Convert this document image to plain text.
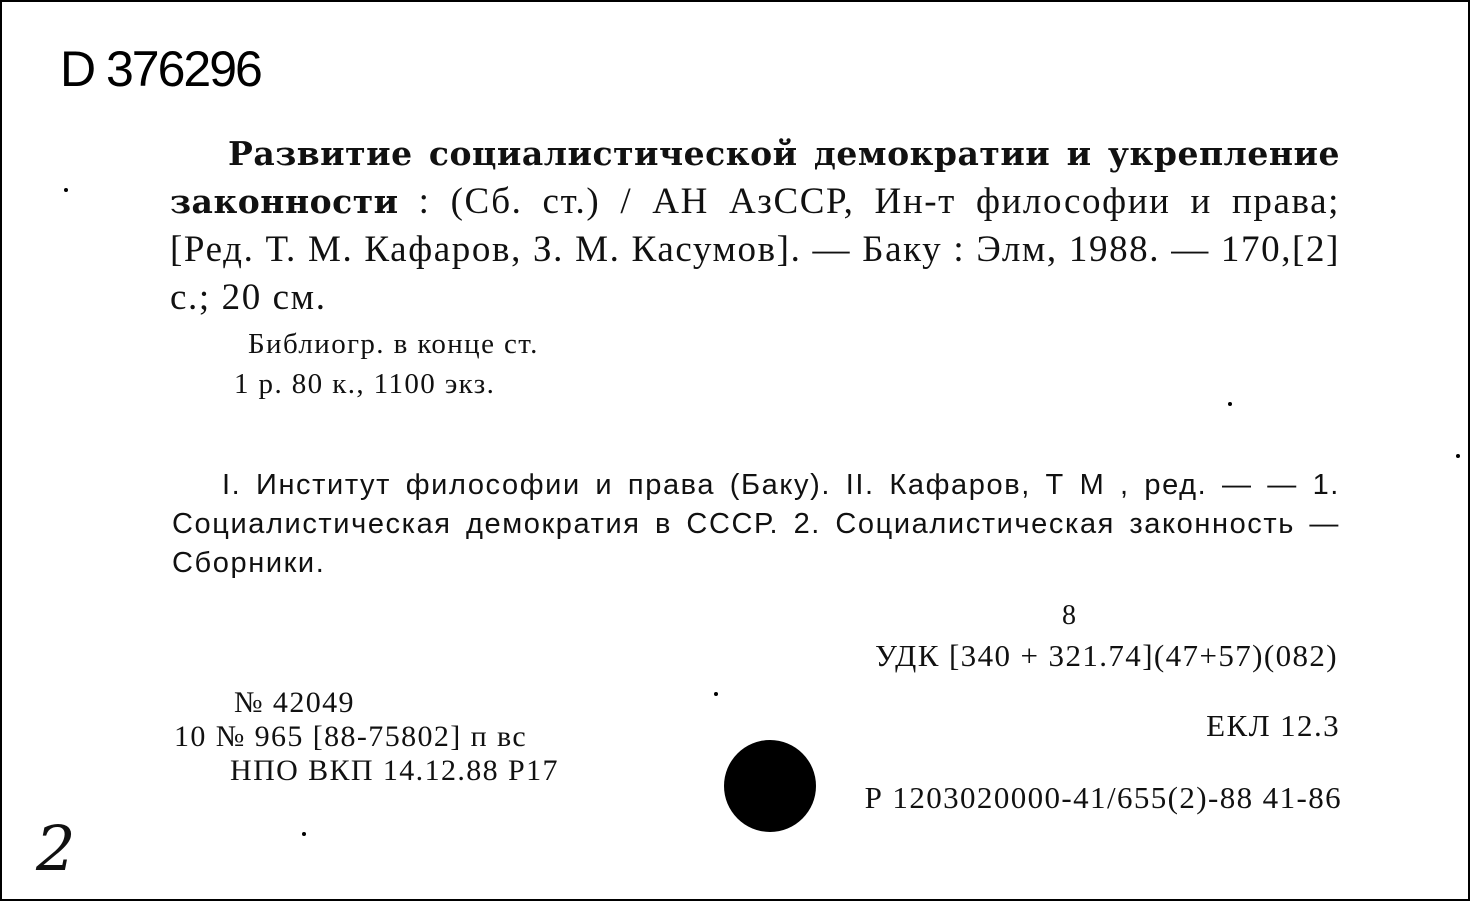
D 376296
Развитие социалистической демократии и укрепление законности : (Сб. ст.) / АН АзССР, Ин-т философии и права; [Ред. Т. М. Кафаров, З. М. Касумов]. — Баку : Элм, 1988. — 170,[2] с.; 20 см.
Библиогр. в конце ст.
1 р. 80 к., 1100 экз.
I. Институт философии и права (Баку). II. Кафаров, Т М , ред. — — 1. Социалистическая демократия в СССР. 2. Социалистическая законность — Сборники.
8
УДК [340 + 321.74](47+57)(082)
№ 42049
10 № 965 [88-75802] п вс
НПО ВКП 14.12.88 Р17
ЕКЛ 12.3
Р 1203020000-41/655(2)-88 41-86
2
